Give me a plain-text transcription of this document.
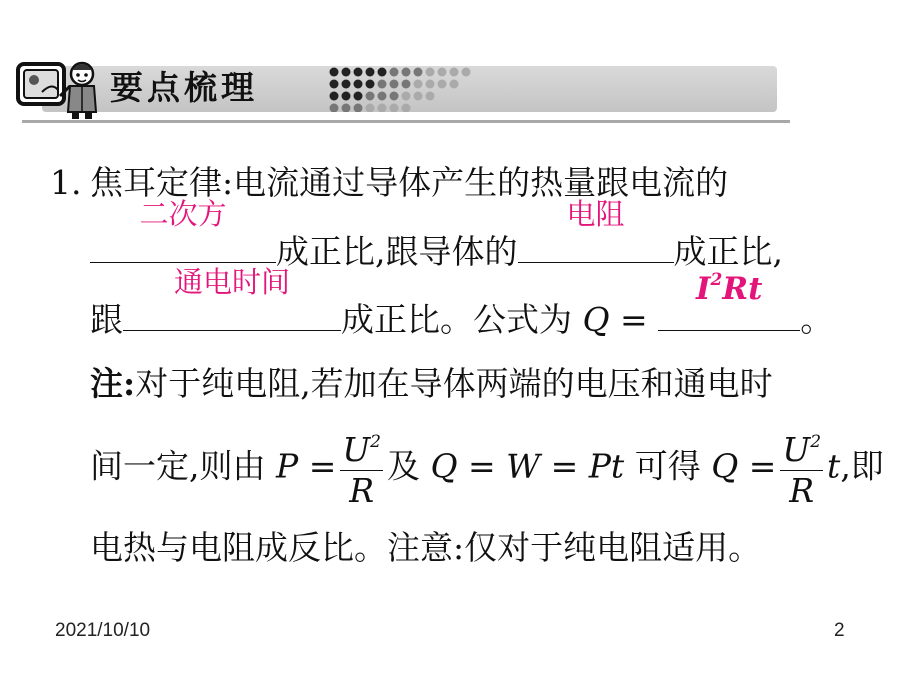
要点梳理
1. 焦耳定律:电流通过导体产生的热量跟电流的
二次方
成正比,跟导体的
电阻
成正比,
跟
通电时间
成正比。公式为 Q =
$I^2Rt$
。
注:对于纯电阻,若加在导体两端的电压和通电时
间一定,则由 $P = \frac{U^2}{R}$ 及 Q = W = Pt 可得 $Q = \frac{U^2}{R} t$,即
电热与电阻成反比。注意:仅对于纯电阻适用。
2021/10/10	2
